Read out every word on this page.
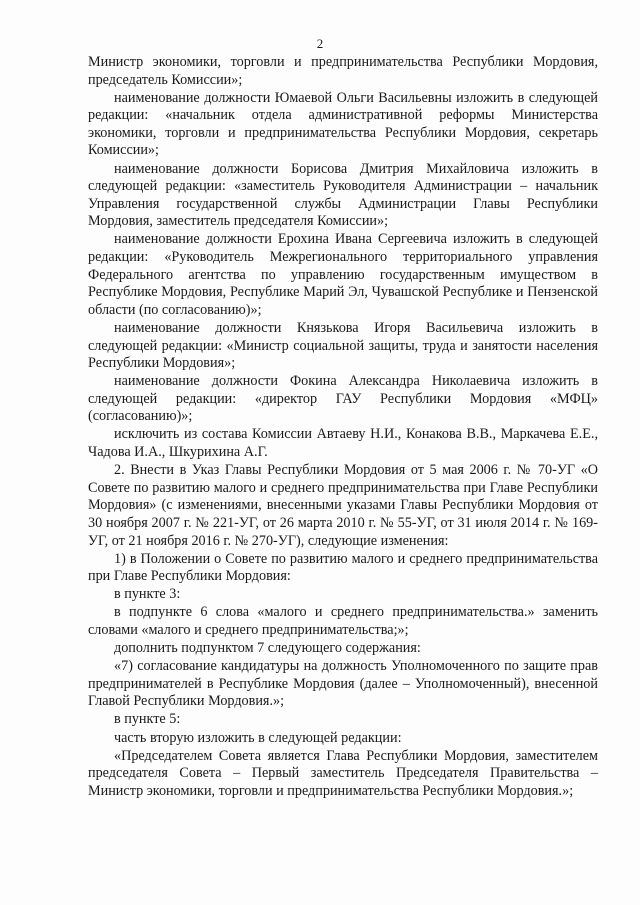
2

Министр экономики, торговли и предпринимательства Республики Мордовия, председатель Комиссии»;

наименование должности Юмаевой Ольги Васильевны изложить в следующей редакции: «начальник отдела административной реформы Министерства экономики, торговли и предпринимательства Республики Мордовия, секретарь Комиссии»;

наименование должности Борисова Дмитрия Михайловича изложить в следующей редакции: «заместитель Руководителя Администрации – начальник Управления государственной службы Администрации Главы Республики Мордовия, заместитель председателя Комиссии»;

наименование должности Ерохина Ивана Сергеевича изложить в следующей редакции: «Руководитель Межрегионального территориального управления Федерального агентства по управлению государственным имуществом в Республике Мордовия, Республике Марий Эл, Чувашской Республике и Пензенской области (по согласованию)»;

наименование должности Князькова Игоря Васильевича изложить в следующей редакции: «Министр социальной защиты, труда и занятости населения Республики Мордовия»;

наименование должности Фокина Александра Николаевича изложить в следующей редакции: «директор ГАУ Республики Мордовия «МФЦ» (согласованию)»;

исключить из состава Комиссии Автаеву Н.И., Конакова В.В., Маркачева Е.Е., Чадова И.А., Шкурихина А.Г.

2. Внести в Указ Главы Республики Мордовия от 5 мая 2006 г. № 70-УГ «О Совете по развитию малого и среднего предпринимательства при Главе Республики Мордовия» (с изменениями, внесенными указами Главы Республики Мордовия от 30 ноября 2007 г. № 221-УГ, от 26 марта 2010 г. № 55-УГ, от 31 июля 2014 г. № 169-УГ, от 21 ноября 2016 г. № 270-УГ), следующие изменения:

1) в Положении о Совете по развитию малого и среднего предпринимательства при Главе Республики Мордовия:

в пункте 3:

в подпункте 6 слова «малого и среднего предпринимательства.» заменить словами «малого и среднего предпринимательства;»;

дополнить подпунктом 7 следующего содержания:

«7) согласование кандидатуры на должность Уполномоченного по защите прав предпринимателей в Республике Мордовия (далее – Уполномоченный), внесенной Главой Республики Мордовия.»;

в пункте 5:

часть вторую изложить в следующей редакции:

«Председателем Совета является Глава Республики Мордовия, заместителем председателя Совета – Первый заместитель Председателя Правительства – Министр экономики, торговли и предпринимательства Республики Мордовия.»;
